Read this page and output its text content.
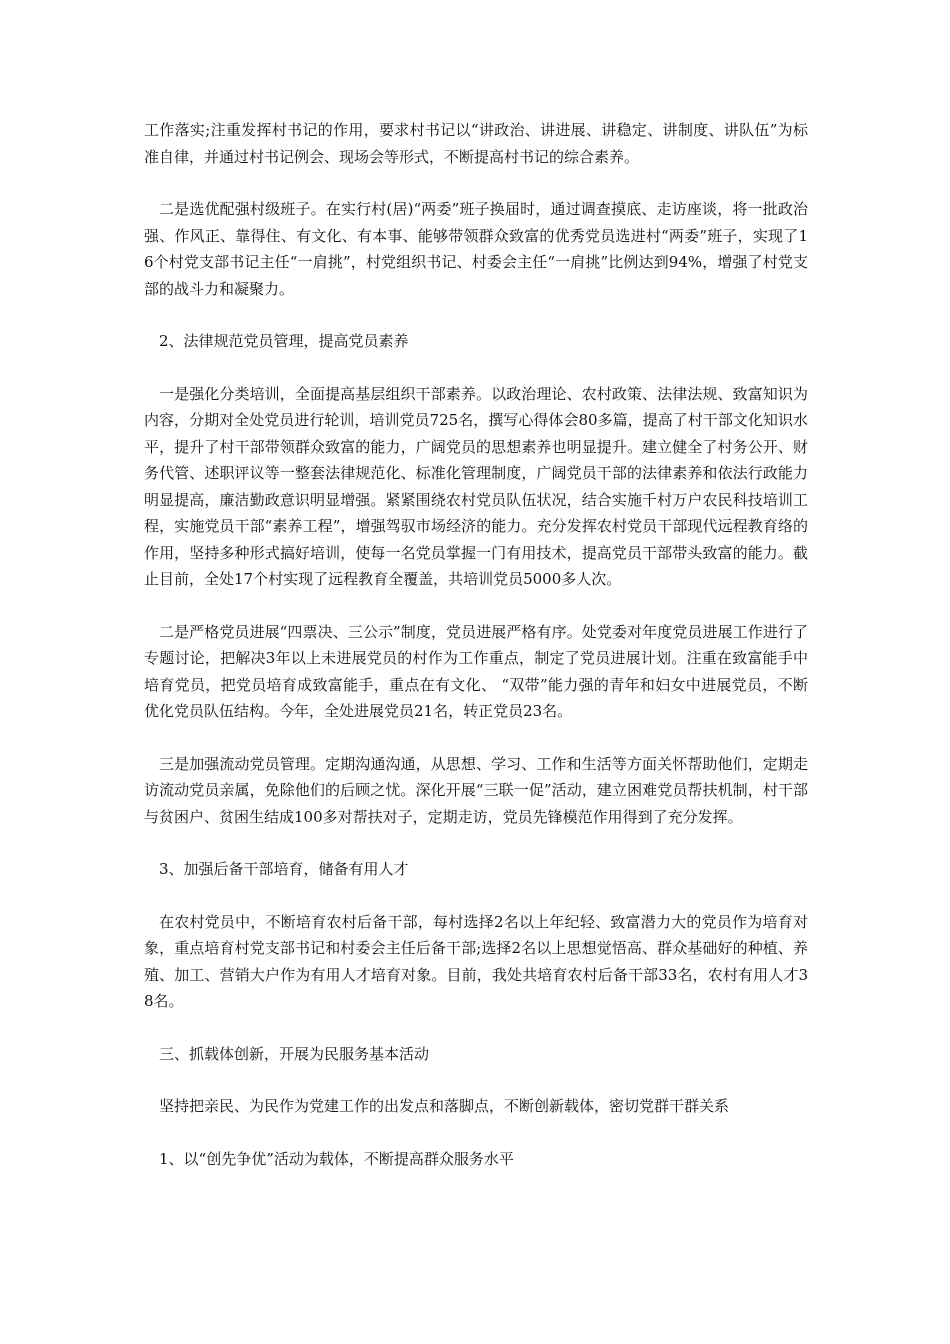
工作落实;注重发挥村书记的作用，要求村书记以“讲政治、讲进展、讲稳定、讲制度、讲队伍”为标准自律，并通过村书记例会、现场会等形式，不断提高村书记的综合素养。

二是选优配强村级班子。在实行村(居)“两委”班子换届时，通过调查摸底、走访座谈，将一批政治强、作风正、靠得住、有文化、有本事、能够带领群众致富的优秀党员选进村“两委”班子，实现了16个村党支部书记主任“一肩挑”，村党组织书记、村委会主任“一肩挑”比例达到94%，增强了村党支部的战斗力和凝聚力。

2、法律规范党员管理，提高党员素养

一是强化分类培训，全面提高基层组织干部素养。以政治理论、农村政策、法律法规、致富知识为内容，分期对全处党员进行轮训，培训党员725名，撰写心得体会80多篇，提高了村干部文化知识水平，提升了村干部带领群众致富的能力，广阔党员的思想素养也明显提升。建立健全了村务公开、财务代管、述职评议等一整套法律规范化、标准化管理制度，广阔党员干部的法律素养和依法行政能力明显提高，廉洁勤政意识明显增强。紧紧围绕农村党员队伍状况，结合实施千村万户农民科技培训工程，实施党员干部“素养工程”，增强驾驭市场经济的能力。充分发挥农村党员干部现代远程教育络的作用，坚持多种形式搞好培训，使每一名党员掌握一门有用技术，提高党员干部带头致富的能力。截止目前，全处17个村实现了远程教育全覆盖，共培训党员5000多人次。

二是严格党员进展“四票决、三公示”制度，党员进展严格有序。处党委对年度党员进展工作进行了专题讨论，把解决3年以上未进展党员的村作为工作重点，制定了党员进展计划。注重在致富能手中培育党员，把党员培育成致富能手，重点在有文化、 “双带”能力强的青年和妇女中进展党员，不断优化党员队伍结构。今年，全处进展党员21名，转正党员23名。

三是加强流动党员管理。定期沟通沟通，从思想、学习、工作和生活等方面关怀帮助他们，定期走访流动党员亲属，免除他们的后顾之忧。深化开展“三联一促”活动，建立困难党员帮扶机制，村干部与贫困户、贫困生结成100多对帮扶对子，定期走访，党员先锋模范作用得到了充分发挥。

3、加强后备干部培育，储备有用人才

在农村党员中，不断培育农村后备干部，每村选择2名以上年纪轻、致富潜力大的党员作为培育对象，重点培育村党支部书记和村委会主任后备干部;选择2名以上思想觉悟高、群众基础好的种植、养殖、加工、营销大户作为有用人才培育对象。目前，我处共培育农村后备干部33名，农村有用人才38名。

三、抓载体创新，开展为民服务基本活动

坚持把亲民、为民作为党建工作的出发点和落脚点，不断创新载体，密切党群干群关系

1、以“创先争优”活动为载体，不断提高群众服务水平
